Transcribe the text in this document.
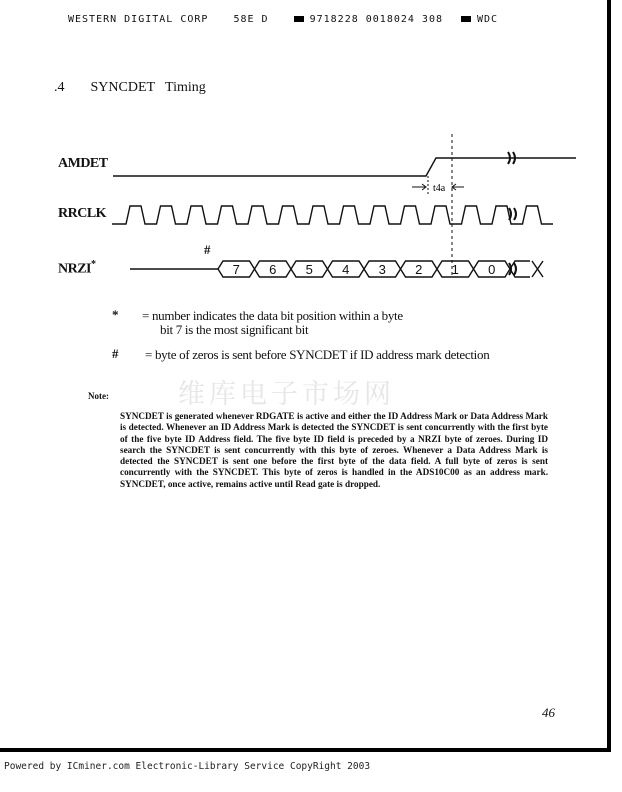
WESTERN DIGITAL CORP	58E D	9718228 0018024 308	WDC
.4 SYNCDET   Timing
AMDET
RRCLK
NRZI*
#
7 6 5 4 3 2 1 0
t4a
* = number indicates the data bit position within a byte
bit 7 is the most significant bit
# = byte of zeros is sent before SYNCDET if ID address mark detection
维库电子市场网
Note:
SYNCDET is generated whenever RDGATE is active and either the ID Address Mark or Data Address Mark is detected. Whenever an ID Address Mark is detected the SYNCDET is sent concurrently with the first byte of the five byte ID Address field. The five byte ID field is preceded by a NRZI byte of zeroes. During ID search the SYNCDET is sent concurrently with this byte of zeroes. Whenever a Data Address Mark is detected the SYNCDET is sent one before the first byte of the data field. A full byte of zeros is sent concurrently with the SYNCDET. This byte of zeros is handled in the ADS10C00 as an address mark. SYNCDET, once active, remains active until Read gate is dropped.
46
Powered by ICminer.com Electronic-Library Service CopyRight 2003
